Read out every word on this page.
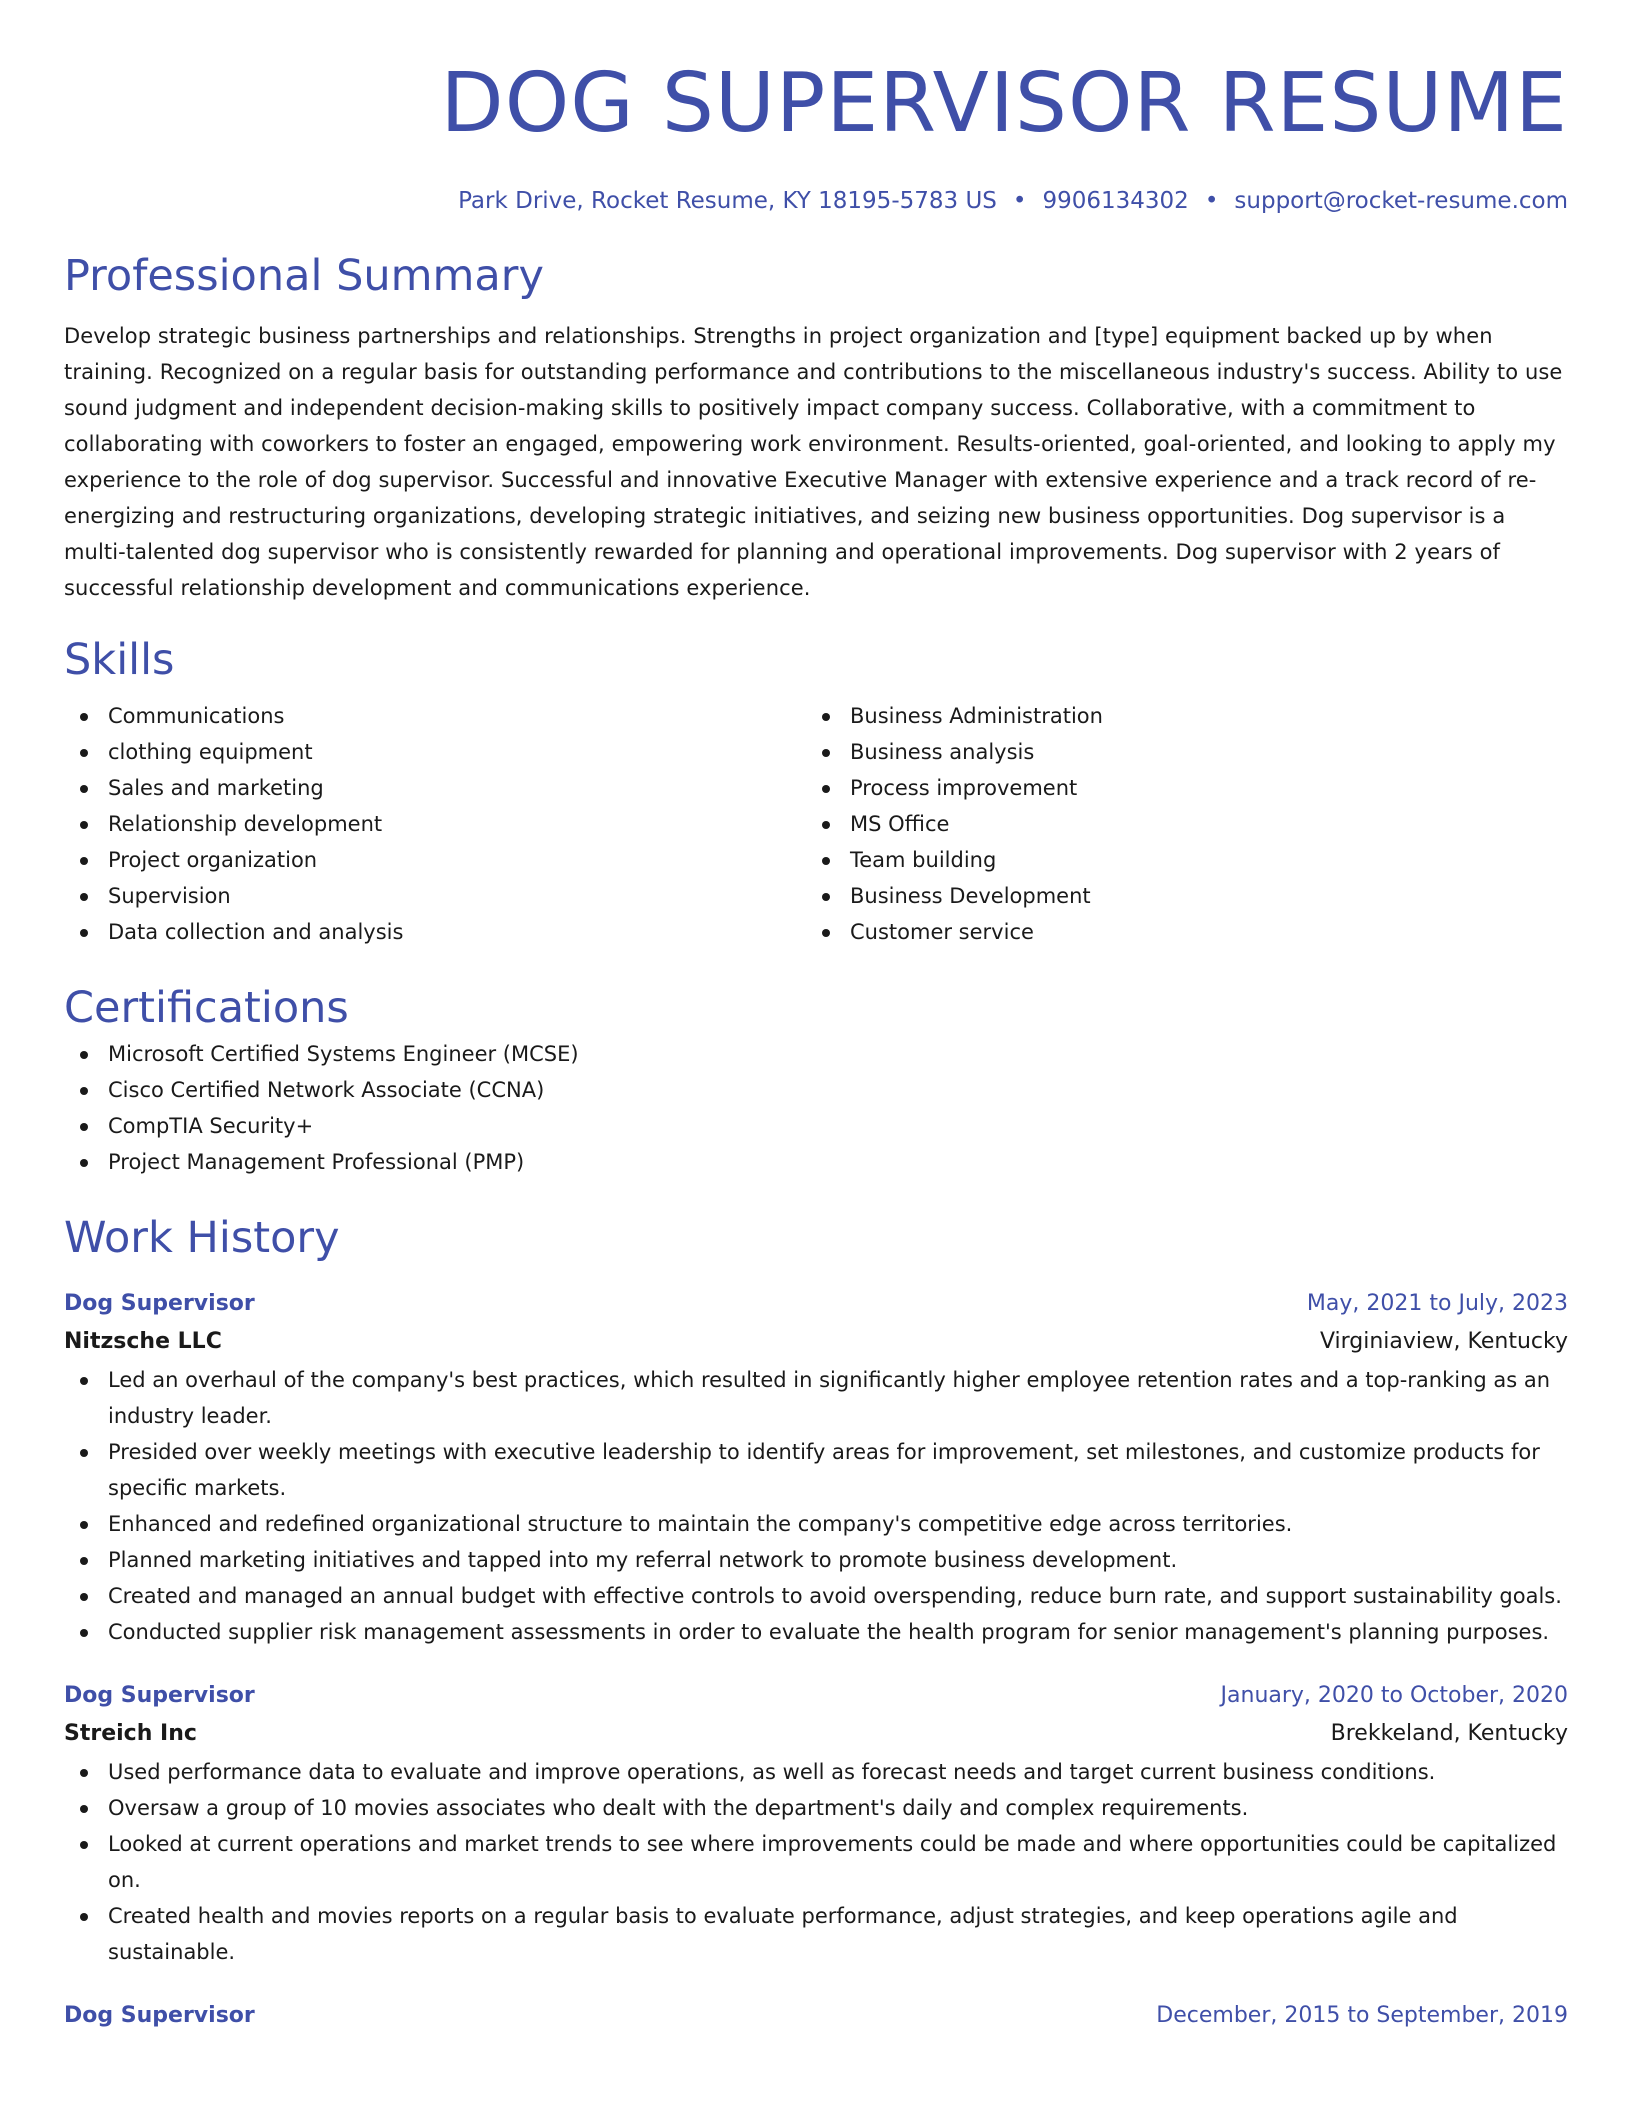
DOG SUPERVISOR RESUME
Park Drive, Rocket Resume, KY 18195-5783 US • 9906134302 • support@rocket-resume.com
Professional Summary
Develop strategic business partnerships and relationships. Strengths in project organization and [type] equipment backed up by when training. Recognized on a regular basis for outstanding performance and contributions to the miscellaneous industry's success. Ability to use sound judgment and independent decision-making skills to positively impact company success. Collaborative, with a commitment to collaborating with coworkers to foster an engaged, empowering work environment. Results-oriented, goal-oriented, and looking to apply my experience to the role of dog supervisor. Successful and innovative Executive Manager with extensive experience and a track record of re-energizing and restructuring organizations, developing strategic initiatives, and seizing new business opportunities. Dog supervisor is a multi-talented dog supervisor who is consistently rewarded for planning and operational improvements. Dog supervisor with 2 years of successful relationship development and communications experience.
Skills
Communications
clothing equipment
Sales and marketing
Relationship development
Project organization
Supervision
Data collection and analysis
Business Administration
Business analysis
Process improvement
MS Office
Team building
Business Development
Customer service
Certifications
Microsoft Certified Systems Engineer (MCSE)
Cisco Certified Network Associate (CCNA)
CompTIA Security+
Project Management Professional (PMP)
Work History
Dog Supervisor	May, 2021 to July, 2023
Nitzsche LLC	Virginiaview, Kentucky
Led an overhaul of the company's best practices, which resulted in significantly higher employee retention rates and a top-ranking as an industry leader.
Presided over weekly meetings with executive leadership to identify areas for improvement, set milestones, and customize products for specific markets.
Enhanced and redefined organizational structure to maintain the company's competitive edge across territories.
Planned marketing initiatives and tapped into my referral network to promote business development.
Created and managed an annual budget with effective controls to avoid overspending, reduce burn rate, and support sustainability goals.
Conducted supplier risk management assessments in order to evaluate the health program for senior management's planning purposes.
Dog Supervisor	January, 2020 to October, 2020
Streich Inc	Brekkeland, Kentucky
Used performance data to evaluate and improve operations, as well as forecast needs and target current business conditions.
Oversaw a group of 10 movies associates who dealt with the department's daily and complex requirements.
Looked at current operations and market trends to see where improvements could be made and where opportunities could be capitalized on.
Created health and movies reports on a regular basis to evaluate performance, adjust strategies, and keep operations agile and sustainable.
Dog Supervisor	December, 2015 to September, 2019
